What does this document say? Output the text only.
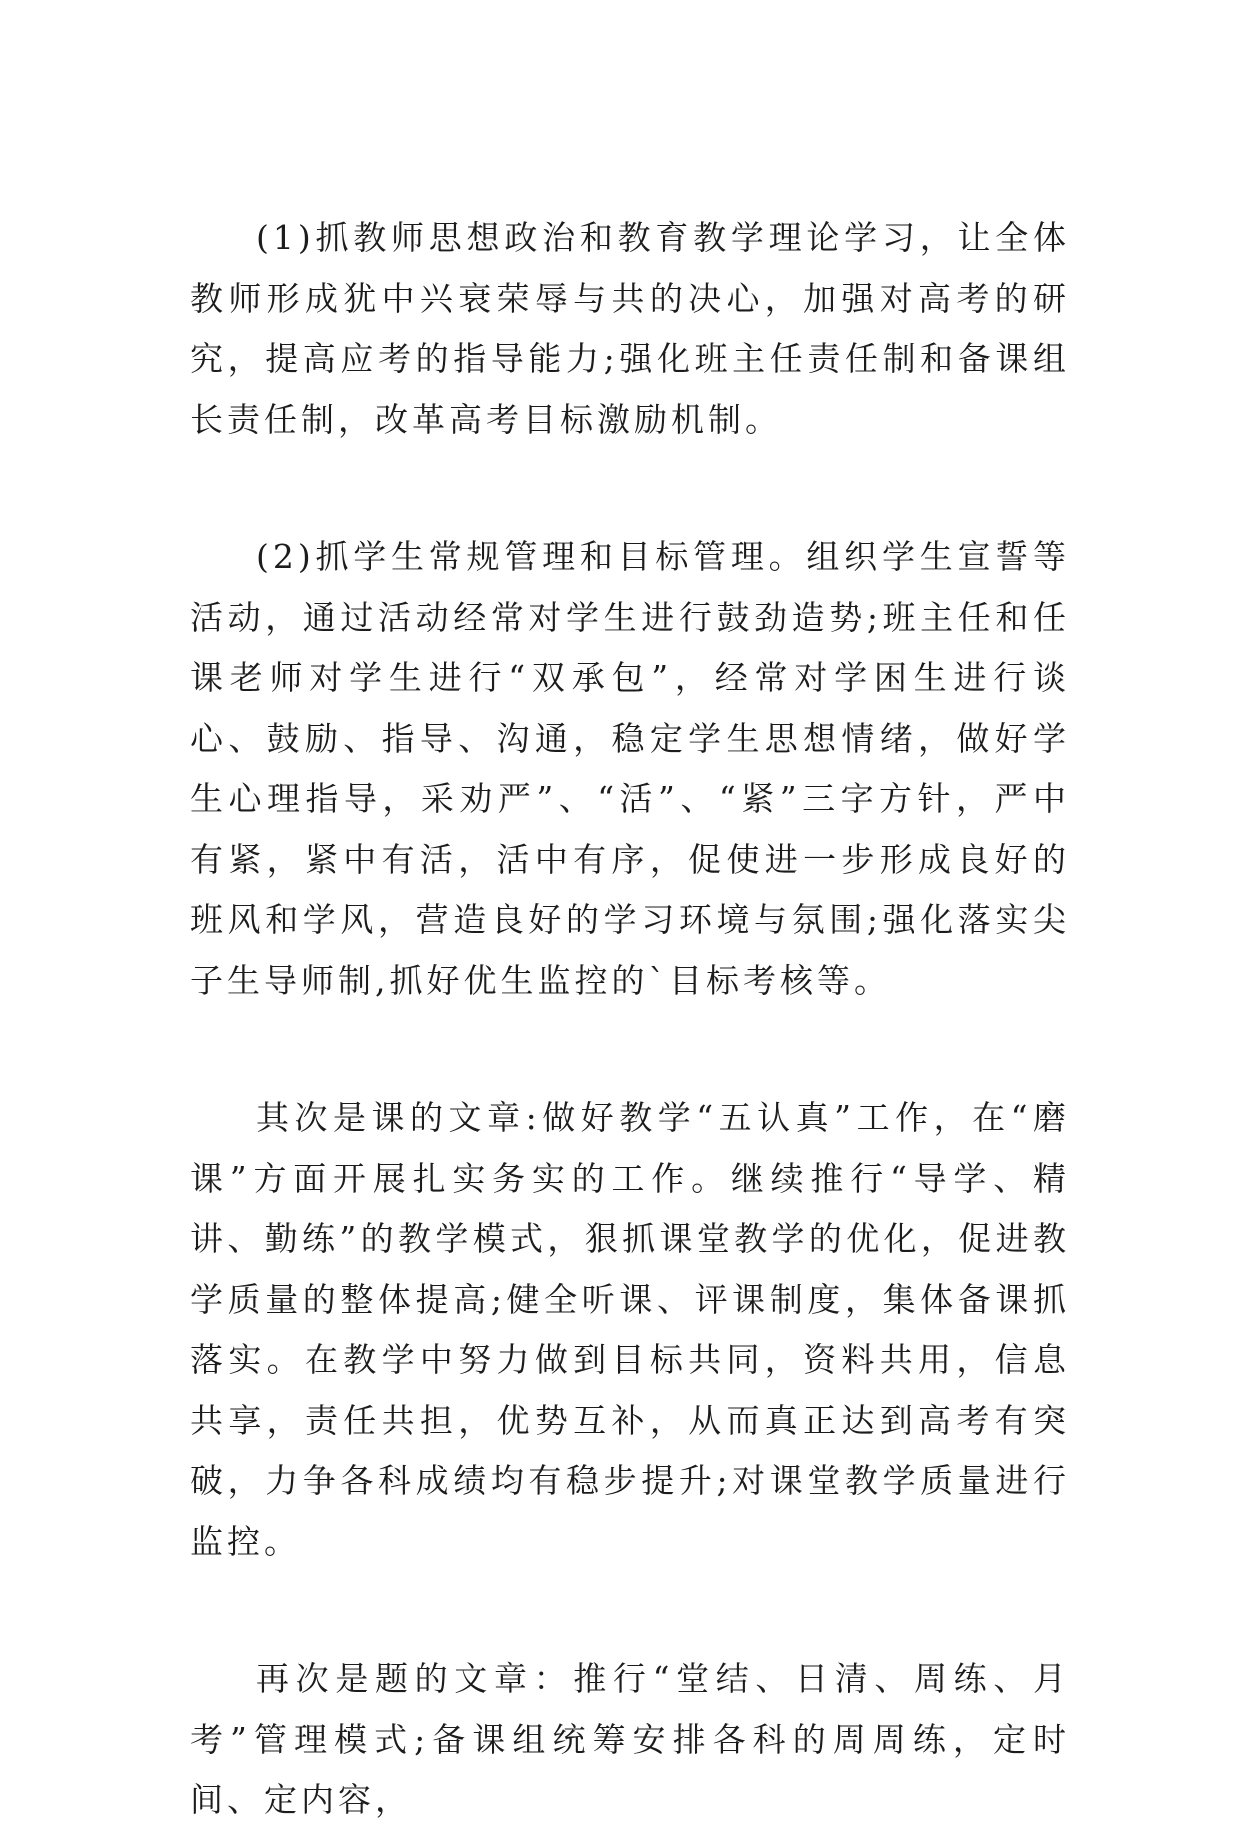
(1)抓教师思想政治和教育教学理论学习，让全体教师形成犹中兴衰荣辱与共的决心，加强对高考的研究，提高应考的指导能力;强化班主任责任制和备课组长责任制，改革高考目标激励机制。

(2)抓学生常规管理和目标管理。组织学生宣誓等活动，通过活动经常对学生进行鼓劲造势;班主任和任课老师对学生进行“双承包”，经常对学困生进行谈心、鼓励、指导、沟通，稳定学生思想情绪，做好学生心理指导，采劝严”、“活”、“紧”三字方针，严中有紧，紧中有活，活中有序，促使进一步形成良好的班风和学风，营造良好的学习环境与氛围;强化落实尖子生导师制,抓好优生监控的`目标考核等。

其次是课的文章:做好教学“五认真”工作，在“磨课”方面开展扎实务实的工作。继续推行“导学、精讲、勤练”的教学模式，狠抓课堂教学的优化，促进教学质量的整体提高;健全听课、评课制度，集体备课抓落实。在教学中努力做到目标共同，资料共用，信息共享，责任共担，优势互补，从而真正达到高考有突破，力争各科成绩均有稳步提升;对课堂教学质量进行监控。

再次是题的文章：推行“堂结、日清、周练、月考”管理模式;备课组统筹安排各科的周周练，定时间、定内容，
